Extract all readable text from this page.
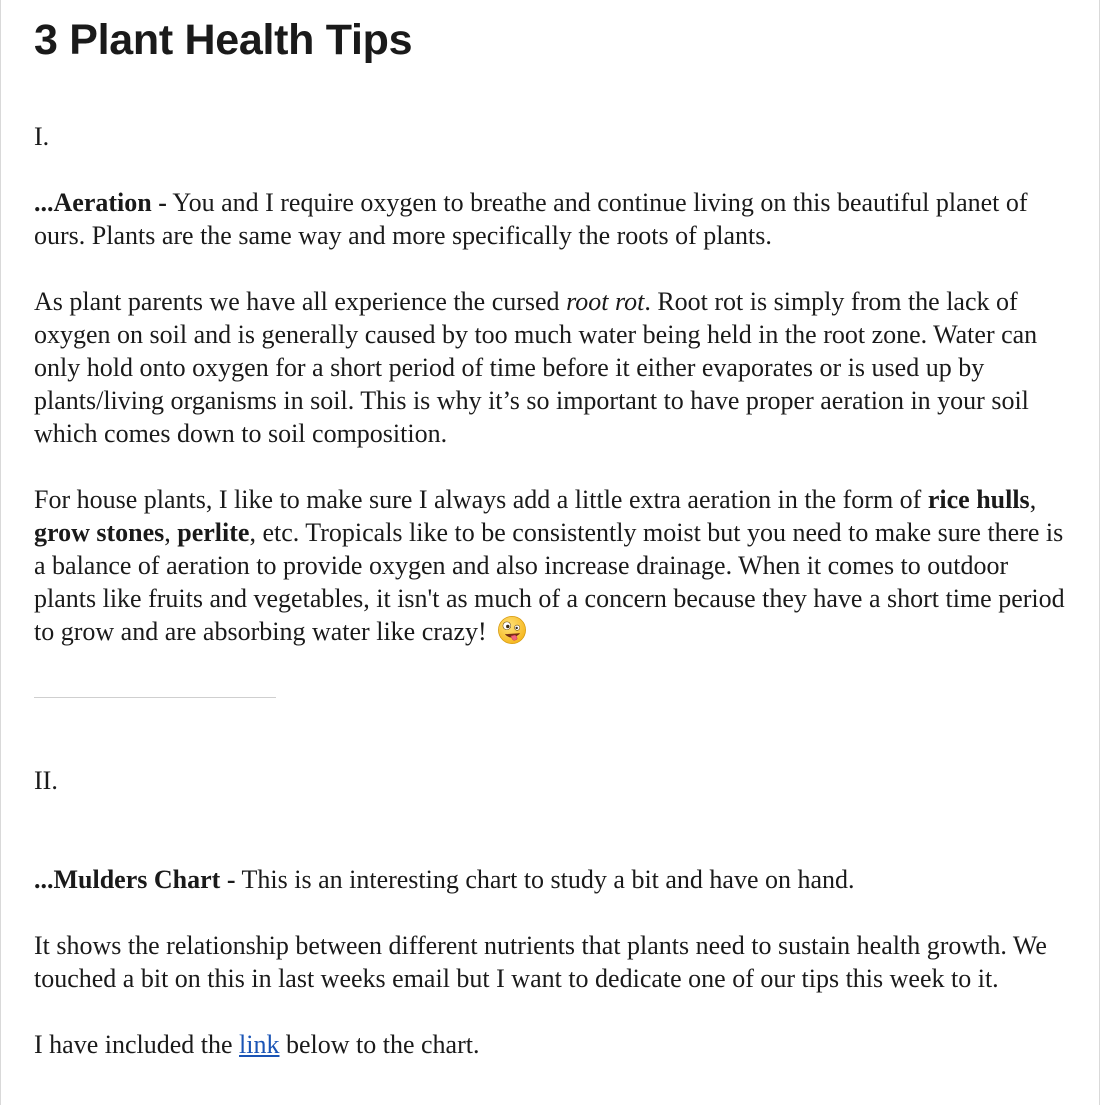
3 Plant Health Tips
I.

...Aeration - You and I require oxygen to breathe and continue living on this beautiful planet of ours. Plants are the same way and more specifically the roots of plants.

As plant parents we have all experience the cursed root rot. Root rot is simply from the lack of oxygen on soil and is generally caused by too much water being held in the root zone. Water can only hold onto oxygen for a short period of time before it either evaporates or is used up by plants/living organisms in soil. This is why it’s so important to have proper aeration in your soil which comes down to soil composition.

For house plants, I like to make sure I always add a little extra aeration in the form of rice hulls, grow stones, perlite, etc. Tropicals like to be consistently moist but you need to make sure there is a balance of aeration to provide oxygen and also increase drainage. When it comes to outdoor plants like fruits and vegetables, it isn't as much of a concern because they have a short time period to grow and are absorbing water like crazy!

II.

...Mulders Chart - This is an interesting chart to study a bit and have on hand.

It shows the relationship between different nutrients that plants need to sustain health growth. We touched a bit on this in last weeks email but I want to dedicate one of our tips this week to it.

I have included the link below to the chart.
